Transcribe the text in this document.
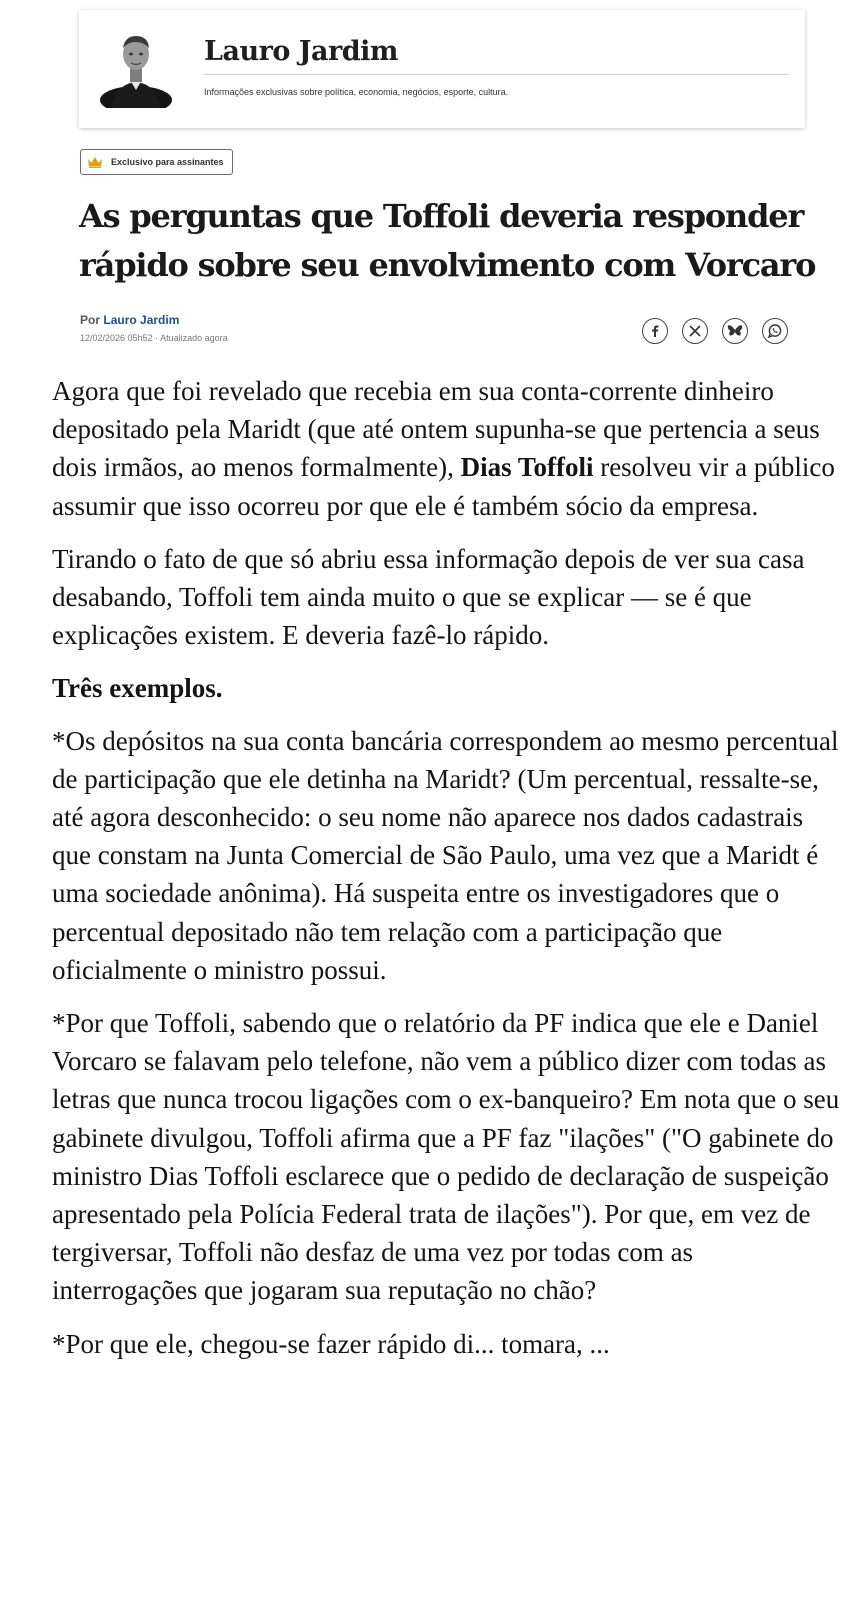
Lauro Jardim
Informações exclusivas sobre política, economia, negócios, esporte, cultura.
Exclusivo para assinantes
As perguntas que Toffoli deveria responder rápido sobre seu envolvimento com Vorcaro
Por Lauro Jardim
12/02/2026 05h52 · Atualizado agora

Agora que foi revelado que recebia em sua conta-corrente dinheiro depositado pela Maridt (que até ontem supunha-se que pertencia a seus dois irmãos, ao menos formalmente), Dias Toffoli resolveu vir a público assumir que isso ocorreu por que ele é também sócio da empresa.

Tirando o fato de que só abriu essa informação depois de ver sua casa desabando, Toffoli tem ainda muito o que se explicar — se é que explicações existem. E deveria fazê-lo rápido.

Três exemplos.

*Os depósitos na sua conta bancária correspondem ao mesmo percentual de participação que ele detinha na Maridt? (Um percentual, ressalte-se, até agora desconhecido: o seu nome não aparece nos dados cadastrais que constam na Junta Comercial de São Paulo, uma vez que a Maridt é uma sociedade anônima). Há suspeita entre os investigadores que o percentual depositado não tem relação com a participação que oficialmente o ministro possui.

*Por que Toffoli, sabendo que o relatório da PF indica que ele e Daniel Vorcaro se falavam pelo telefone, não vem a público dizer com todas as letras que nunca trocou ligações com o ex-banqueiro? Em nota que o seu gabinete divulgou, Toffoli afirma que a PF faz "ilações" ("O gabinete do ministro Dias Toffoli esclarece que o pedido de declaração de suspeição apresentado pela Polícia Federal trata de ilações"). Por que, em vez de tergiversar, Toffoli não desfaz de uma vez por todas com as interrogações que jogaram sua reputação no chão?

*Por que ele, chegou-se fazer rápido di... tomara, ...
